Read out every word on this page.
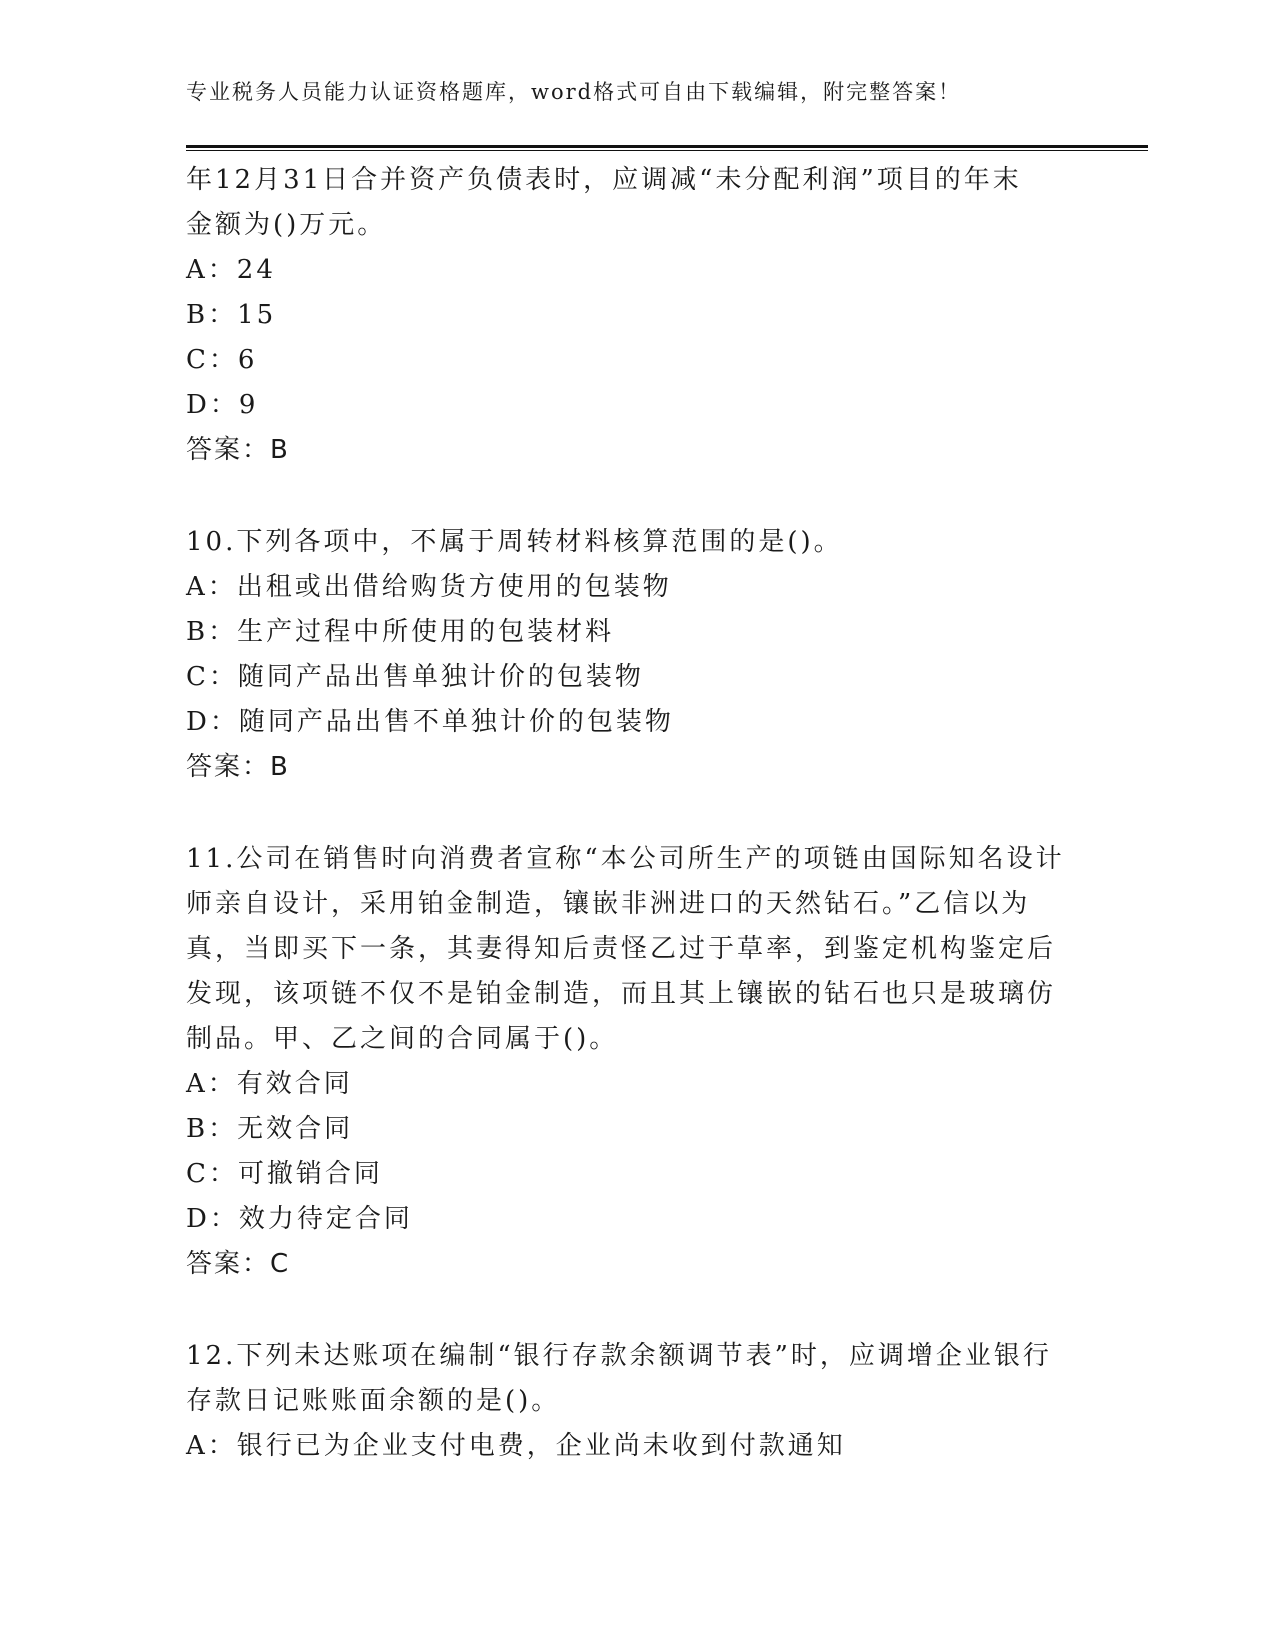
专业税务人员能力认证资格题库，word格式可自由下载编辑，附完整答案！
年12月31日合并资产负债表时，应调减“未分配利润”项目的年末
金额为()万元。
A：24
B：15
C：6
D：9
答案：B
10.下列各项中，不属于周转材料核算范围的是()。
A：出租或出借给购货方使用的包装物
B：生产过程中所使用的包装材料
C：随同产品出售单独计价的包装物
D：随同产品出售不单独计价的包装物
答案：B
11.公司在销售时向消费者宣称“本公司所生产的项链由国际知名设计
师亲自设计，采用铂金制造，镶嵌非洲进口的天然钻石。”乙信以为
真，当即买下一条，其妻得知后责怪乙过于草率，到鉴定机构鉴定后
发现，该项链不仅不是铂金制造，而且其上镶嵌的钻石也只是玻璃仿
制品。甲、乙之间的合同属于()。
A：有效合同
B：无效合同
C：可撤销合同
D：效力待定合同
答案：C
12.下列未达账项在编制“银行存款余额调节表”时，应调增企业银行
存款日记账账面余额的是()。
A：银行已为企业支付电费，企业尚未收到付款通知
